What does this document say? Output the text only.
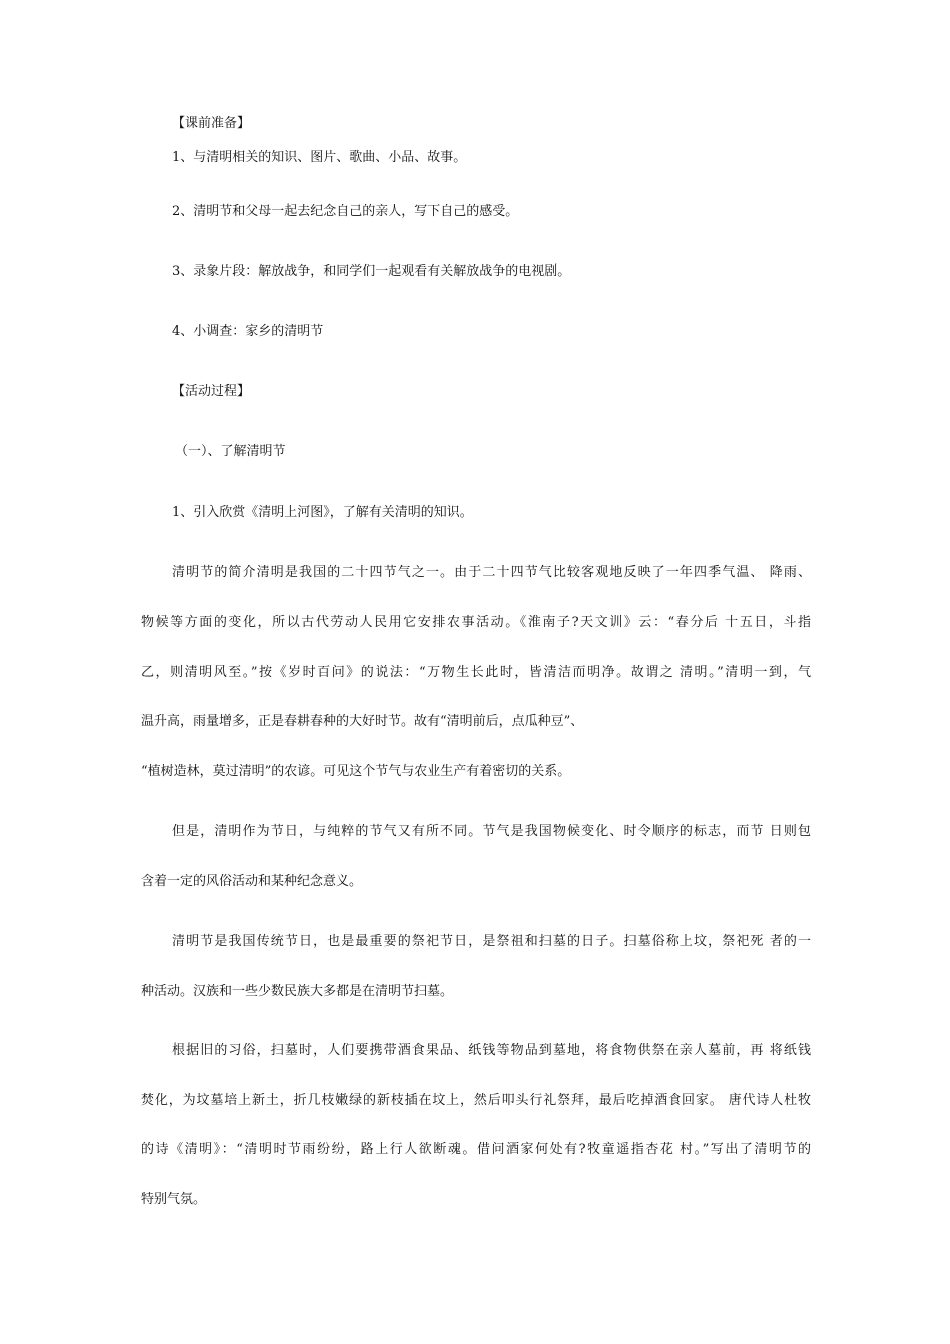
【课前准备】
1、与清明相关的知识、图片、歌曲、小品、故事。
2、清明节和父母一起去纪念自己的亲人，写下自己的感受。
3、录象片段：解放战争，和同学们一起观看有关解放战争的电视剧。
4、小调查：家乡的清明节
【活动过程】
（一）、了解清明节
1、引入欣赏《清明上河图》，了解有关清明的知识。
清明节的简介清明是我国的二十四节气之一。由于二十四节气比较客观地反映了一年四季气温、 降雨、
物候等方面的变化，所以古代劳动人民用它安排农事活动。《淮南子?天文训》云：“春分后 十五日，斗指
乙，则清明风至。”按《岁时百问》的说法：“万物生长此时，皆清洁而明净。故谓之 清明。”清明一到，气
温升高，雨量增多，正是春耕春种的大好时节。故有“清明前后，点瓜种豆”、
“植树造林，莫过清明”的农谚。可见这个节气与农业生产有着密切的关系。
但是，清明作为节日，与纯粹的节气又有所不同。节气是我国物候变化、时令顺序的标志，而节 日则包
含着一定的风俗活动和某种纪念意义。
清明节是我国传统节日，也是最重要的祭祀节日，是祭祖和扫墓的日子。扫墓俗称上坟，祭祀死 者的一
种活动。汉族和一些少数民族大多都是在清明节扫墓。
根据旧的习俗，扫墓时，人们要携带酒食果品、纸钱等物品到墓地，将食物供祭在亲人墓前，再 将纸钱
焚化，为坟墓培上新土，折几枝嫩绿的新枝插在坟上，然后叩头行礼祭拜，最后吃掉酒食回家。 唐代诗人杜牧
的诗《清明》：“清明时节雨纷纷，路上行人欲断魂。借问酒家何处有?牧童遥指杏花 村。”写出了清明节的
特别气氛。
